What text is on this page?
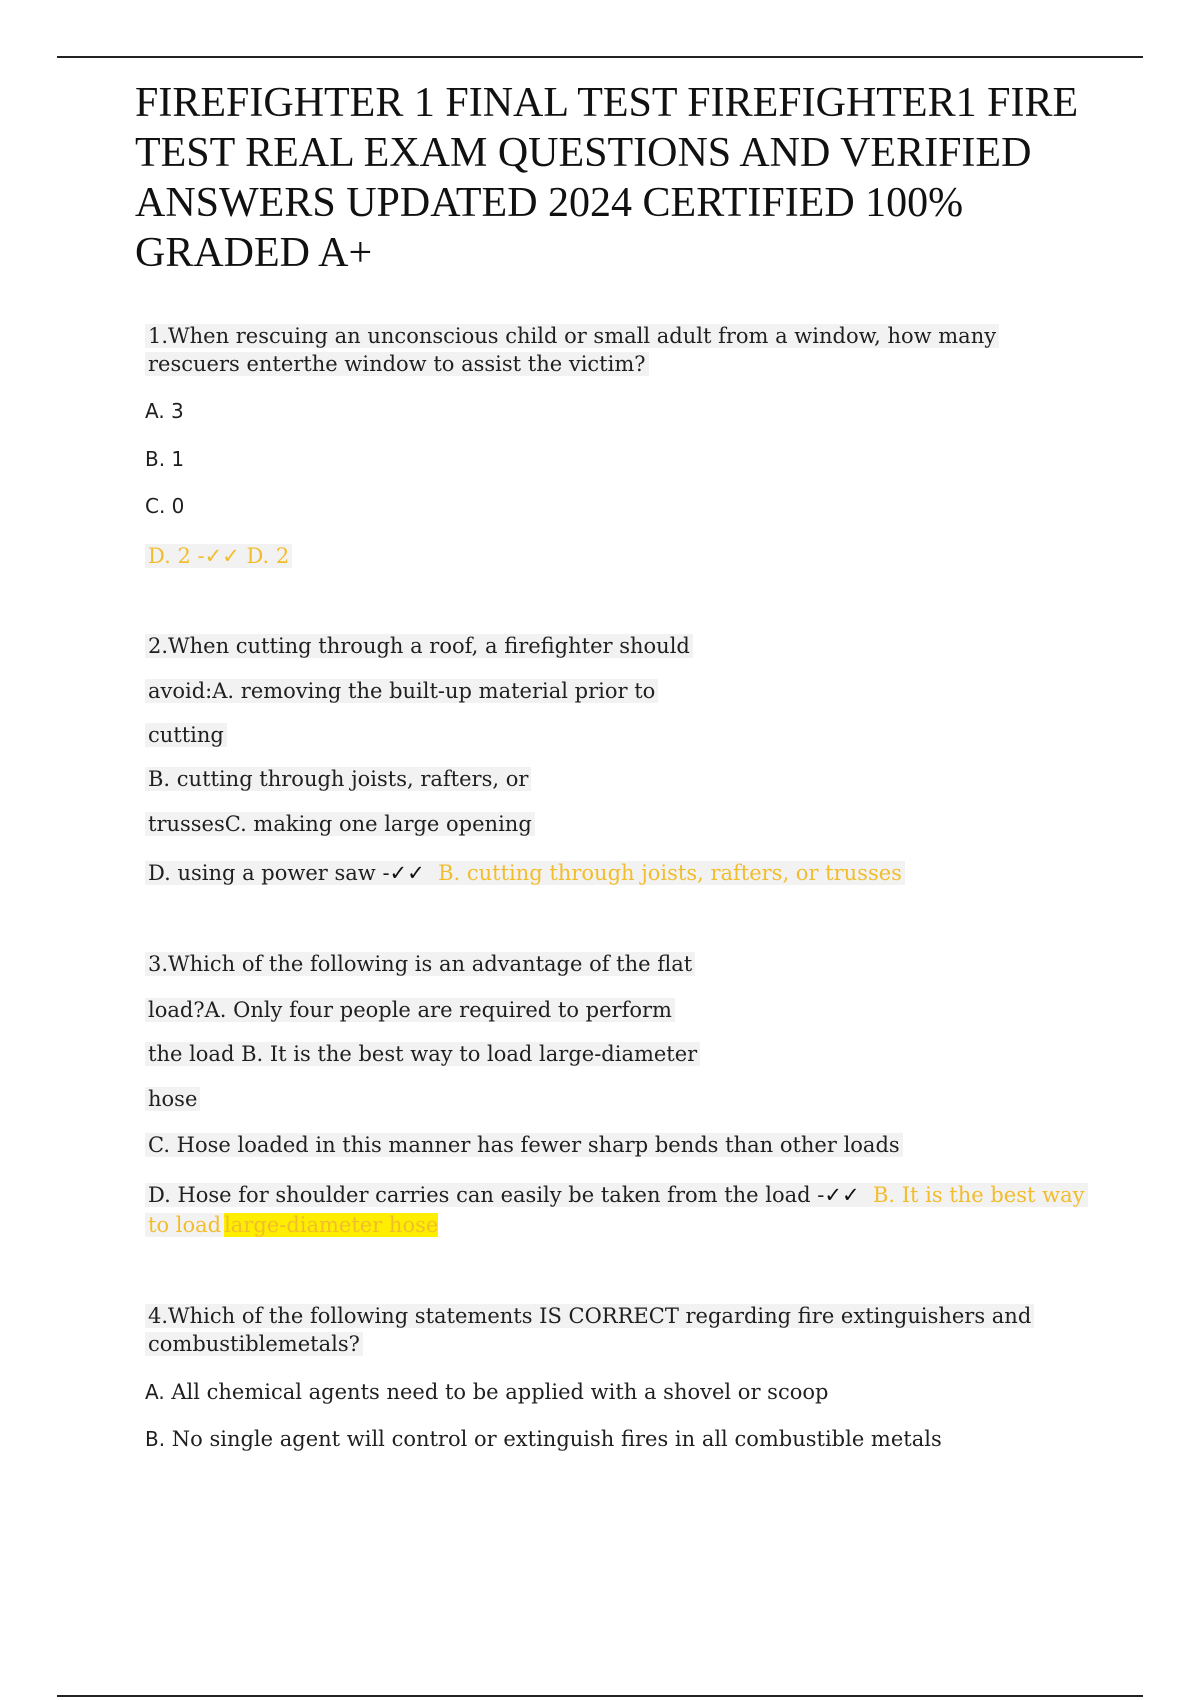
FIREFIGHTER 1 FINAL TEST FIREFIGHTER1 FIRE TEST REAL EXAM QUESTIONS AND VERIFIED ANSWERS UPDATED 2024 CERTIFIED 100% GRADED A+
1.When rescuing an unconscious child or small adult from a window, how many
rescuers enterthe window to assist the victim?
A. 3
B. 1
C. 0
D. 2 -✓✓ D. 2
2.When cutting through a roof, a firefighter should
avoid:A. removing the built-up material prior to
cutting
B. cutting through joists, rafters, or
trussesC. making one large opening
D. using a power saw -✓✓ B. cutting through joists, rafters, or trusses
3.Which of the following is an advantage of the flat
load?A. Only four people are required to perform
the load B. It is the best way to load large-diameter
hose
C. Hose loaded in this manner has fewer sharp bends than other loads
D. Hose for shoulder carries can easily be taken from the load -✓✓ B. It is the best way
to load large-diameter hose
4.Which of the following statements IS CORRECT regarding fire extinguishers and
combustiblemetals?
A. All chemical agents need to be applied with a shovel or scoop
B. No single agent will control or extinguish fires in all combustible metals
